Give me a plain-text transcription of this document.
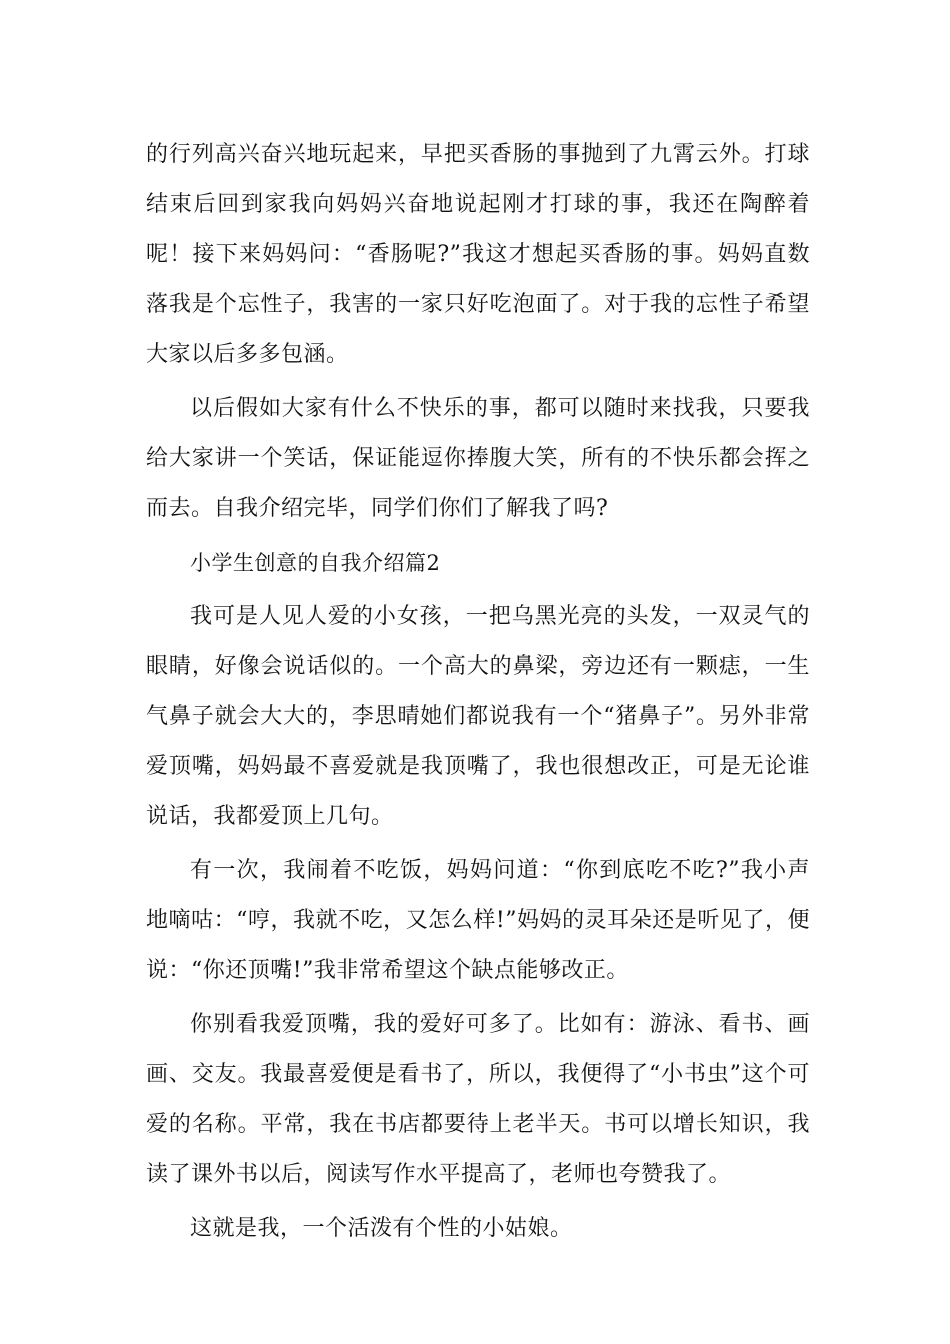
的行列高兴奋兴地玩起来，早把买香肠的事抛到了九霄云外。打球结束后回到家我向妈妈兴奋地说起刚才打球的事，我还在陶醉着呢！接下来妈妈问：“香肠呢?”我这才想起买香肠的事。妈妈直数落我是个忘性子，我害的一家只好吃泡面了。对于我的忘性子希望大家以后多多包涵。

以后假如大家有什么不快乐的事，都可以随时来找我，只要我给大家讲一个笑话，保证能逗你捧腹大笑，所有的不快乐都会挥之而去。自我介绍完毕，同学们你们了解我了吗?

小学生创意的自我介绍篇2

我可是人见人爱的小女孩，一把乌黑光亮的头发，一双灵气的眼睛，好像会说话似的。一个高大的鼻梁，旁边还有一颗痣，一生气鼻子就会大大的，李思晴她们都说我有一个“猪鼻子”。另外非常爱顶嘴，妈妈最不喜爱就是我顶嘴了，我也很想改正，可是无论谁说话，我都爱顶上几句。

有一次，我闹着不吃饭，妈妈问道：“你到底吃不吃?”我小声地嘀咕：“哼，我就不吃，又怎么样!”妈妈的灵耳朵还是听见了，便说：“你还顶嘴!”我非常希望这个缺点能够改正。

你别看我爱顶嘴，我的爱好可多了。比如有：游泳、看书、画画、交友。我最喜爱便是看书了，所以，我便得了“小书虫”这个可爱的名称。平常，我在书店都要待上老半天。书可以增长知识，我读了课外书以后，阅读写作水平提高了，老师也夸赞我了。

这就是我，一个活泼有个性的小姑娘。
